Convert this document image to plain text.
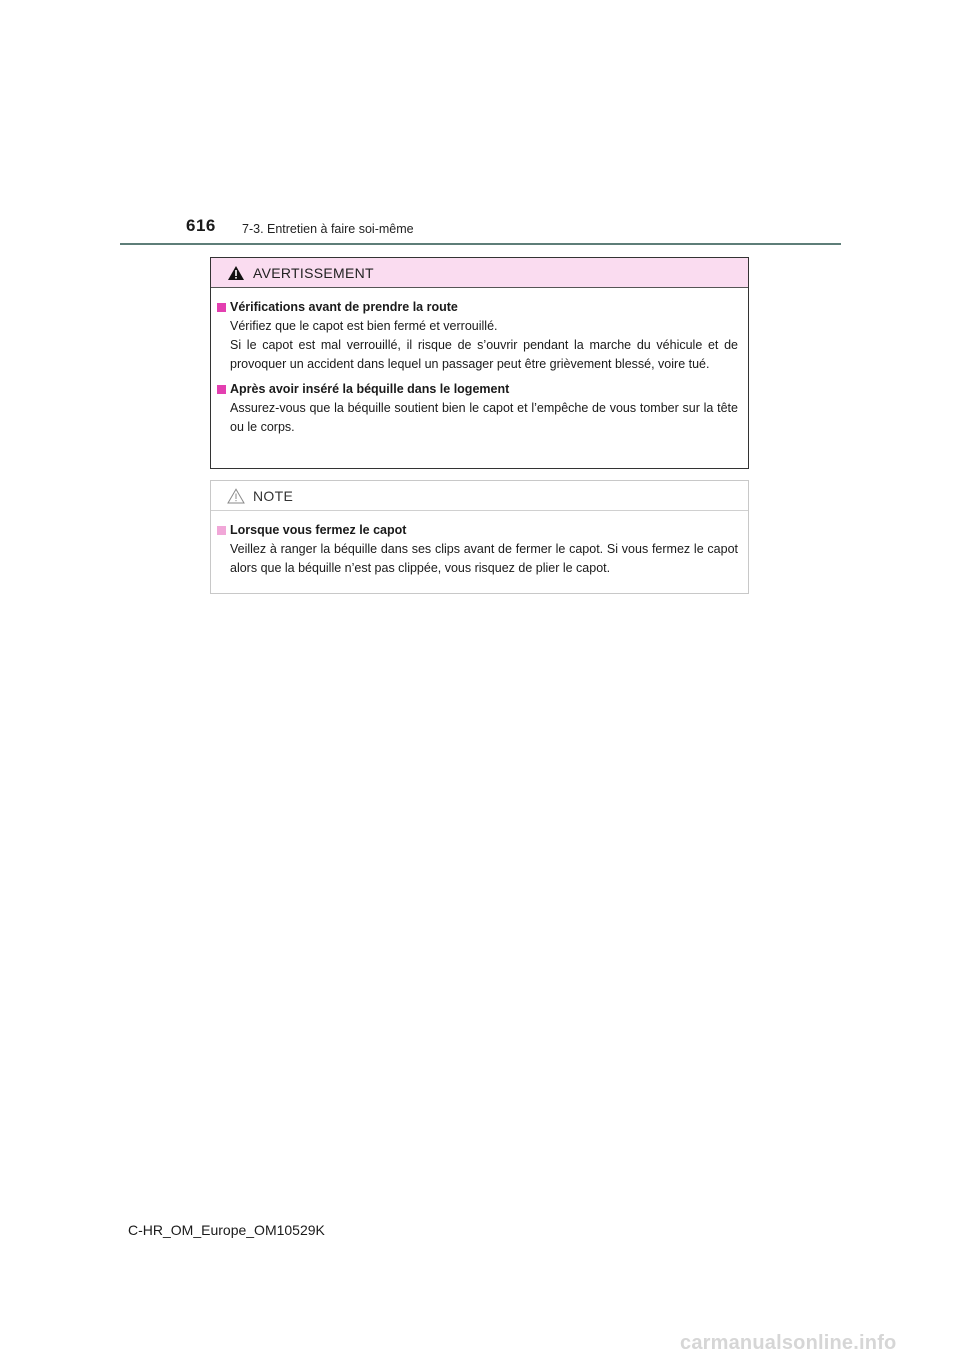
616 7-3. Entretien à faire soi-même
AVERTISSEMENT
Vérifications avant de prendre la route

Vérifiez que le capot est bien fermé et verrouillé.

Si le capot est mal verrouillé, il risque de s’ouvrir pendant la marche du véhicule et de provoquer un accident dans lequel un passager peut être grièvement blessé, voire tué.

Après avoir inséré la béquille dans le logement

Assurez-vous que la béquille soutient bien le capot et l’empêche de vous tomber sur la tête ou le corps.

NOTE
Lorsque vous fermez le capot

Veillez à ranger la béquille dans ses clips avant de fermer le capot. Si vous fermez le capot alors que la béquille n’est pas clippée, vous risquez de plier le capot.

C-HR_OM_Europe_OM10529K
carmanualsonline.info
